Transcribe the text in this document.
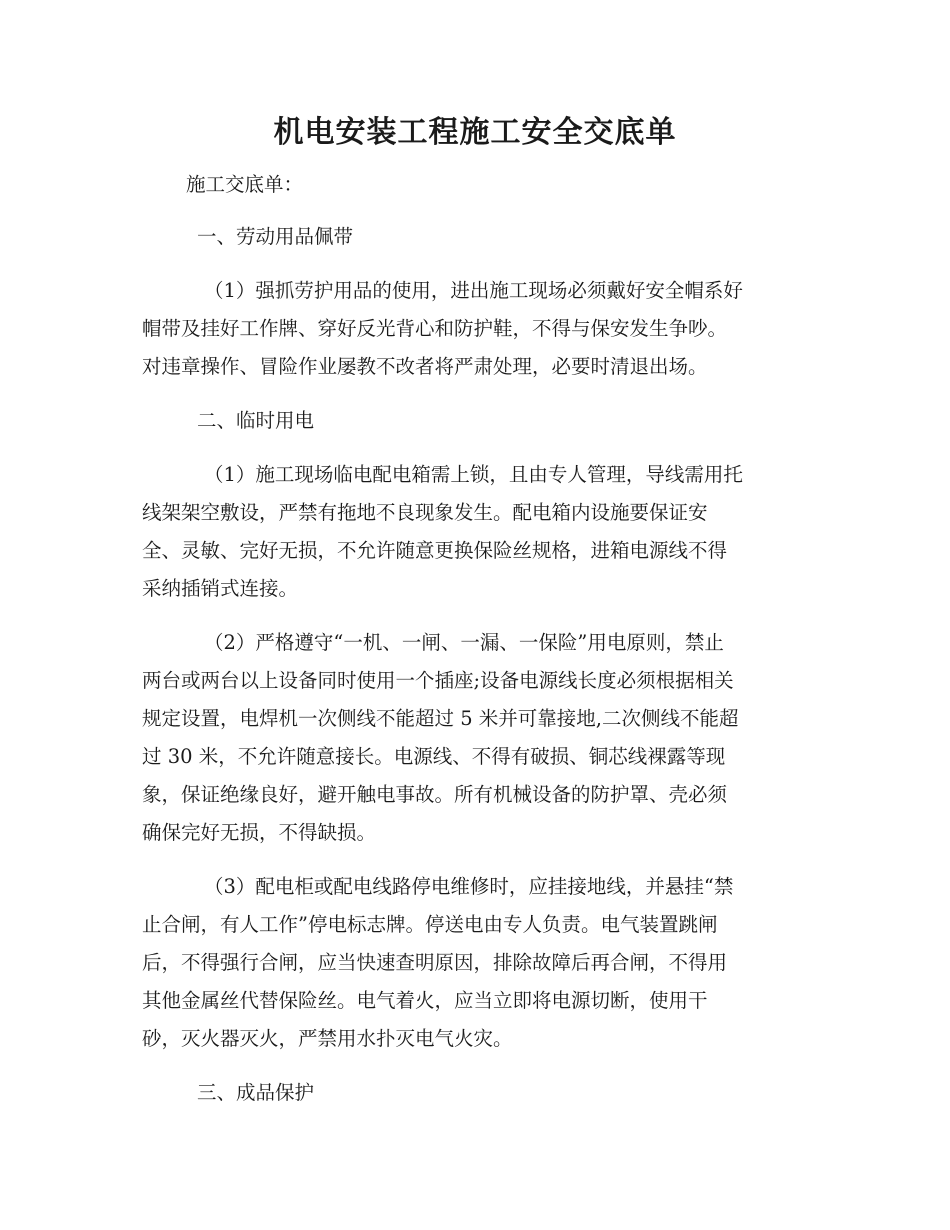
机电安装工程施工安全交底单

施工交底单：

一、劳动用品佩带

（1）强抓劳护用品的使用，进出施工现场必须戴好安全帽系好

帽带及挂好工作牌、穿好反光背心和防护鞋，不得与保安发生争吵。

对违章操作、冒险作业屡教不改者将严肃处理，必要时清退出场。

二、临时用电

（1）施工现场临电配电箱需上锁，且由专人管理，导线需用托

线架架空敷设，严禁有拖地不良现象发生。配电箱内设施要保证安

全、灵敏、完好无损，不允许随意更换保险丝规格，进箱电源线不得

采纳插销式连接。

（2）严格遵守“一机、一闸、一漏、一保险”用电原则，禁止

两台或两台以上设备同时使用一个插座;设备电源线长度必须根据相关

规定设置，电焊机一次侧线不能超过 5 米并可靠接地,二次侧线不能超

过 30 米，不允许随意接长。电源线、不得有破损、铜芯线裸露等现

象，保证绝缘良好，避开触电事故。所有机械设备的防护罩、壳必须

确保完好无损，不得缺损。

（3）配电柜或配电线路停电维修时，应挂接地线，并悬挂“禁

止合闸，有人工作”停电标志牌。停送电由专人负责。电气装置跳闸

后，不得强行合闸，应当快速查明原因，排除故障后再合闸，不得用

其他金属丝代替保险丝。电气着火，应当立即将电源切断，使用干

砂，灭火器灭火，严禁用水扑灭电气火灾。

三、成品保护
